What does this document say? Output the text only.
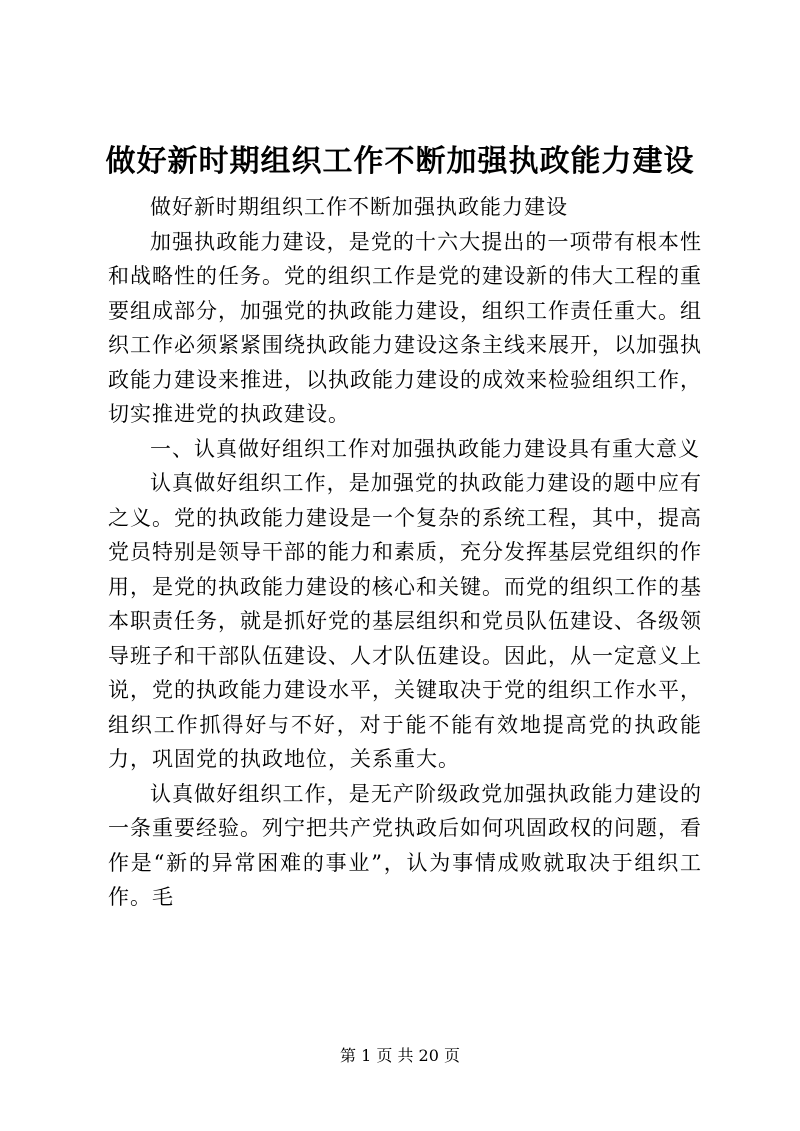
做好新时期组织工作不断加强执政能力建设

做好新时期组织工作不断加强执政能力建设

加强执政能力建设，是党的十六大提出的一项带有根本性和战略性的任务。党的组织工作是党的建设新的伟大工程的重要组成部分，加强党的执政能力建设，组织工作责任重大。组织工作必须紧紧围绕执政能力建设这条主线来展开，以加强执政能力建设来推进，以执政能力建设的成效来检验组织工作，切实推进党的执政建设。

一、认真做好组织工作对加强执政能力建设具有重大意义

认真做好组织工作，是加强党的执政能力建设的题中应有之义。党的执政能力建设是一个复杂的系统工程，其中，提高党员特别是领导干部的能力和素质，充分发挥基层党组织的作用，是党的执政能力建设的核心和关键。而党的组织工作的基本职责任务，就是抓好党的基层组织和党员队伍建设、各级领导班子和干部队伍建设、人才队伍建设。因此，从一定意义上说，党的执政能力建设水平，关键取决于党的组织工作水平，组织工作抓得好与不好，对于能不能有效地提高党的执政能力，巩固党的执政地位，关系重大。

认真做好组织工作，是无产阶级政党加强执政能力建设的一条重要经验。列宁把共产党执政后如何巩固政权的问题，看作是“新的异常困难的事业”，认为事情成败就取决于组织工作。毛

第 1 页 共 20 页
